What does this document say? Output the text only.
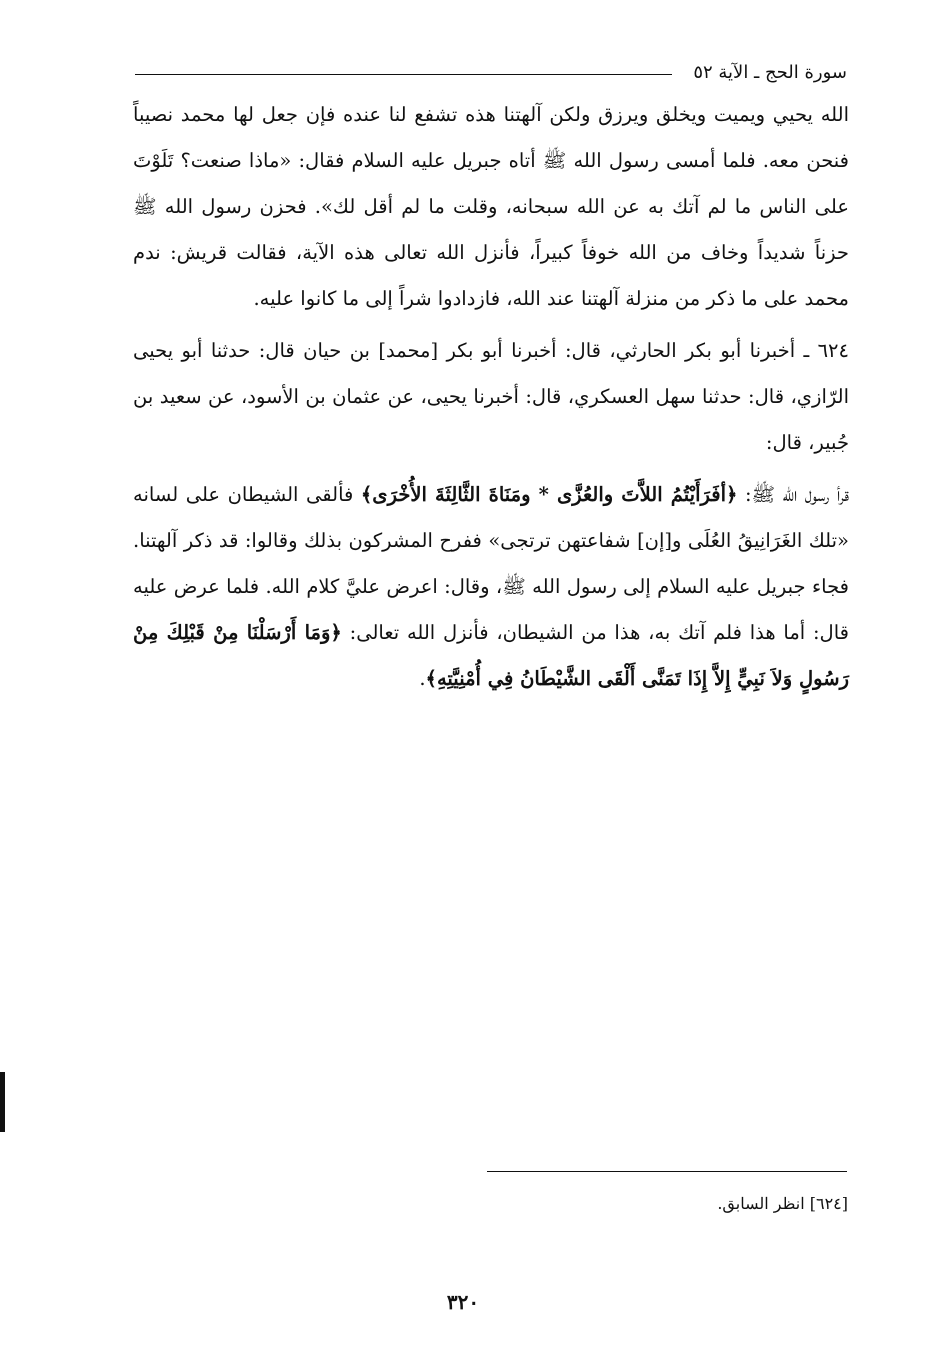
سورة الحج ـ الآية ٥٢

الله يحيي ويميت ويخلق ويرزق ولكن آلهتنا هذه تشفع لنا عنده فإن جعل لها محمد نصيباً فنحن معه. فلما أمسى رسول الله ﷺ أتاه جبريل عليه السلام فقال: «ماذا صنعت؟ تَلَوْتَ على الناس ما لم آتك به عن الله سبحانه، وقلت ما لم أقل لك». فحزن رسول الله ﷺ حزناً شديداً وخاف من الله خوفاً كبيراً، فأنزل الله تعالى هذه الآية، فقالت قريش: ندم محمد على ما ذكر من منزلة آلهتنا عند الله، فازدادوا شراً إلى ما كانوا عليه.

٦٢٤ ـ أخبرنا أبو بكر الحارثي، قال: أخبرنا أبو بكر [محمد] بن حيان قال: حدثنا أبو يحيى الرّازي، قال: حدثنا سهل العسكري، قال: أخبرنا يحيى، عن عثمان بن الأسود، عن سعيد بن جُبير، قال:

قرأ رسول الله ﷺ: ﴿أفَرَأَيْتُمُ اللاَّتَ والعُزَّى * ومَنَاةَ الثَّالِثَةَ الأُخْرَى﴾ فألقى الشيطان على لسانه «تلك الغَرَانِيقُ العُلَى و[إن] شفاعتهن ترتجى» ففرح المشركون بذلك وقالوا: قد ذكر آلهتنا. فجاء جبريل عليه السلام إلى رسول الله ﷺ، وقال: اعرض عليَّ كلام الله. فلما عرض عليه قال: أما هذا فلم آتك به، هذا من الشيطان، فأنزل الله تعالى: ﴿وَمَا أَرْسَلْنَا مِنْ قَبْلِكَ مِنْ رَسُولٍ وَلاَ نَبِيٍّ إِلاَّ إِذَا تَمَنَّى أَلْقَى الشَّيْطَانُ فِي أُمْنِيَّتِهِ﴾.

[٦٢٤] انظر السابق.
٣٢٠
